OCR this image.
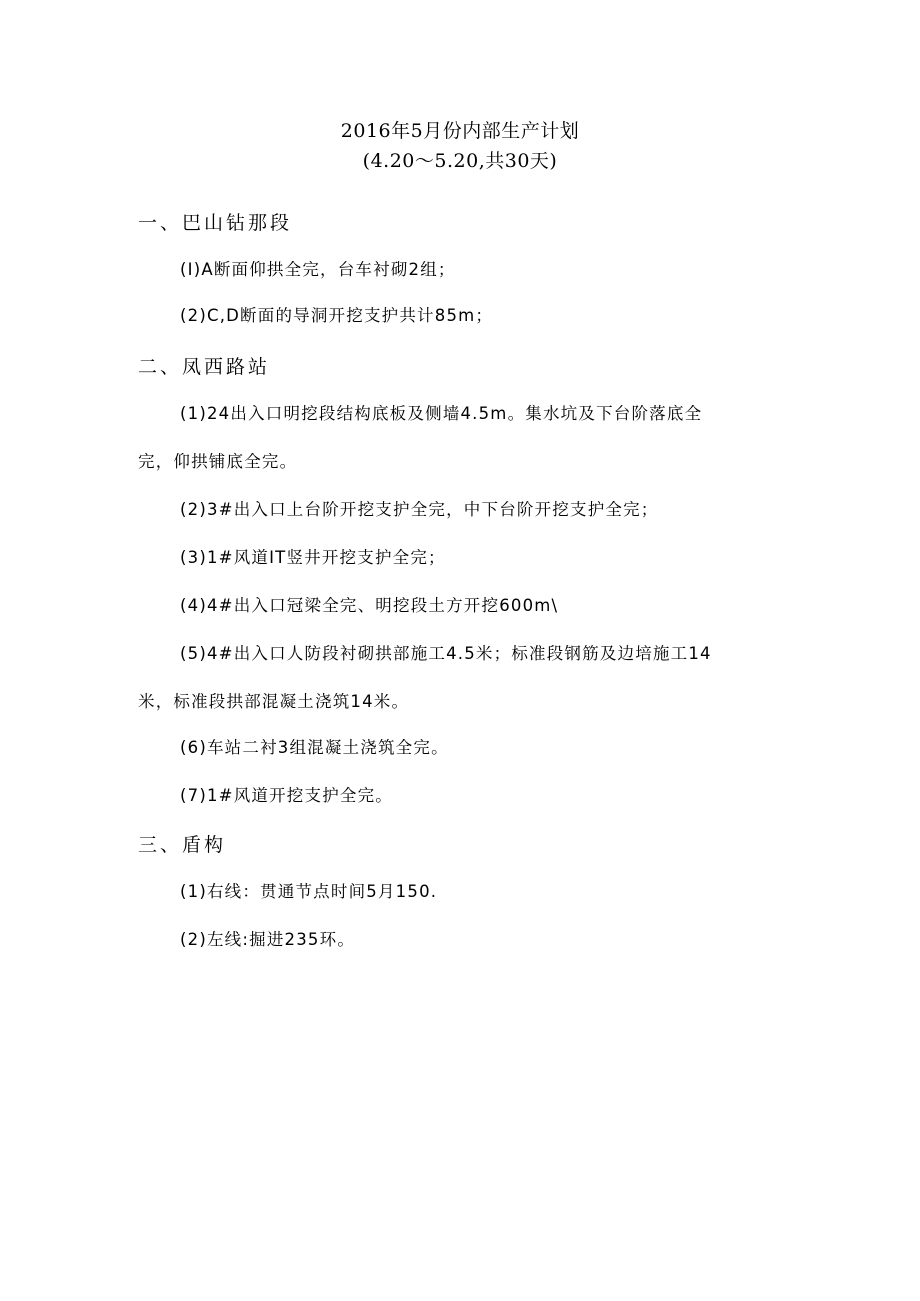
2016年5月份内部生产计划
(4.20～5.20,共30天)
一、巴山钻那段
(I)A断面仰拱全完，台车衬砌2组；
(2)C,D断面的导洞开挖支护共计85m；
二、凤西路站
(1)24出入口明挖段结构底板及侧墙4.5m。集水坑及下台阶落底全
完，仰拱铺底全完。
(2)3#出入口上台阶开挖支护全完，中下台阶开挖支护全完；
(3)1#风道IT竖井开挖支护全完；
(4)4#出入口冠梁全完、明挖段土方开挖600m\
(5)4#出入口人防段衬砌拱部施工4.5米；标准段钢筋及边培施工14
米，标准段拱部混凝土浇筑14米。
(6)车站二衬3组混凝土浇筑全完。
(7)1#风道开挖支护全完。
三、盾构
(1)右线：贯通节点时间5月150.
(2)左线:掘进235环。
